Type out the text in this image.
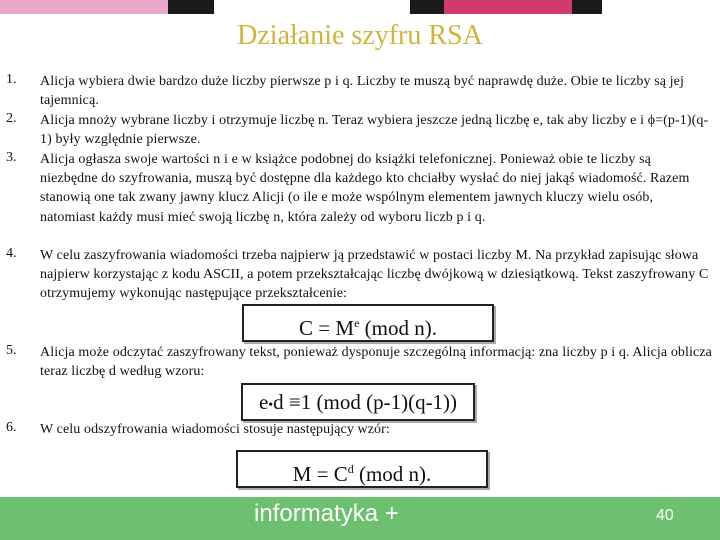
Działanie szyfru RSA
1. Alicja wybiera dwie bardzo duże liczby pierwsze p i q. Liczby te muszą być naprawdę duże. Obie te liczby są jej tajemnicą.
2. Alicja mnoży wybrane liczby i otrzymuje liczbę n. Teraz wybiera jeszcze jedną liczbę e, tak aby liczby e i ϕ=(p-1)(q-1) były względnie pierwsze.
3. Alicja ogłasza swoje wartości n i e w książce podobnej do książki telefonicznej. Ponieważ obie te liczby są niezbędne do szyfrowania, muszą być dostępne dla każdego kto chciałby wysłać do niej jakąś wiadomość. Razem stanowią one tak zwany jawny klucz Alicji (o ile e może wspólnym elementem jawnych kluczy wielu osób, natomiast każdy musi mieć swoją liczbę n, która zależy od wyboru liczb p i q.
4. W celu zaszyfrowania wiadomości trzeba najpierw ją przedstawić w postaci liczby M. Na przykład zapisując słowa najpierw korzystając z kodu ASCII, a potem przekształcając liczbę dwójkową w dziesiątkową. Tekst zaszyfrowany C otrzymujemy wykonując następujące przekształcenie:
5. Alicja może odczytać zaszyfrowany tekst, ponieważ dysponuje szczególną informacją: zna liczby p i q. Alicja oblicza teraz liczbę d według wzoru:
6. W celu odszyfrowania wiadomości stosuje następujący wzór:
$C = M^e$ (mod n).
e•d ≡1 (mod (p-1)(q-1))
$M = C^d$ (mod n).
informatyka +	40
